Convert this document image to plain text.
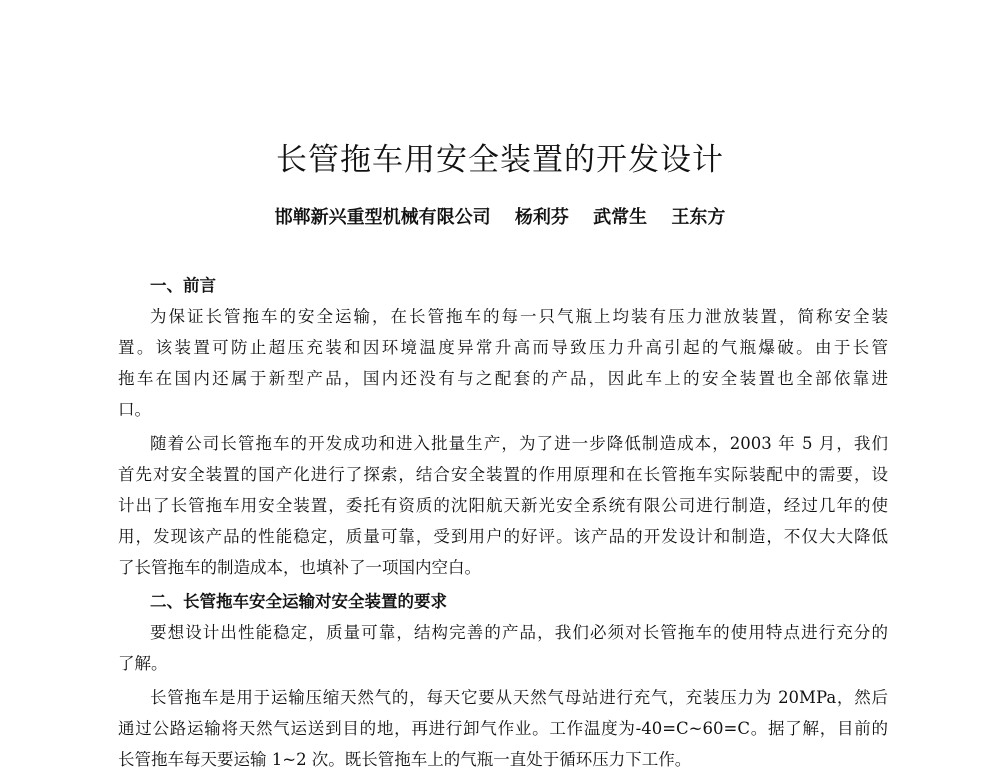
长管拖车用安全装置的开发设计
邯郸新兴重型机械有限公司 杨利芬 武常生 王东方
一、前言
为保证长管拖车的安全运输，在长管拖车的每一只气瓶上均装有压力泄放装置，简称安全装
置。该装置可防止超压充装和因环境温度异常升高而导致压力升高引起的气瓶爆破。由于长管
拖车在国内还属于新型产品，国内还没有与之配套的产品，因此车上的安全装置也全部依靠进
口。
随着公司长管拖车的开发成功和进入批量生产，为了进一步降低制造成本，2003 年 5 月，我们
首先对安全装置的国产化进行了探索，结合安全装置的作用原理和在长管拖车实际装配中的需要，设
计出了长管拖车用安全装置，委托有资质的沈阳航天新光安全系统有限公司进行制造，经过几年的使
用，发现该产品的性能稳定，质量可靠，受到用户的好评。该产品的开发设计和制造，不仅大大降低
了长管拖车的制造成本，也填补了一项国内空白。
二、长管拖车安全运输对安全装置的要求
要想设计出性能稳定，质量可靠，结构完善的产品，我们必须对长管拖车的使用特点进行充分的
了解。
长管拖车是用于运输压缩天然气的，每天它要从天然气母站进行充气，充装压力为 20MPa，然后
通过公路运输将天然气运送到目的地，再进行卸气作业。工作温度为-40=C~60=C。据了解，目前的
长管拖车每天要运输 1~2 次。既长管拖车上的气瓶一直处于循环压力下工作。
